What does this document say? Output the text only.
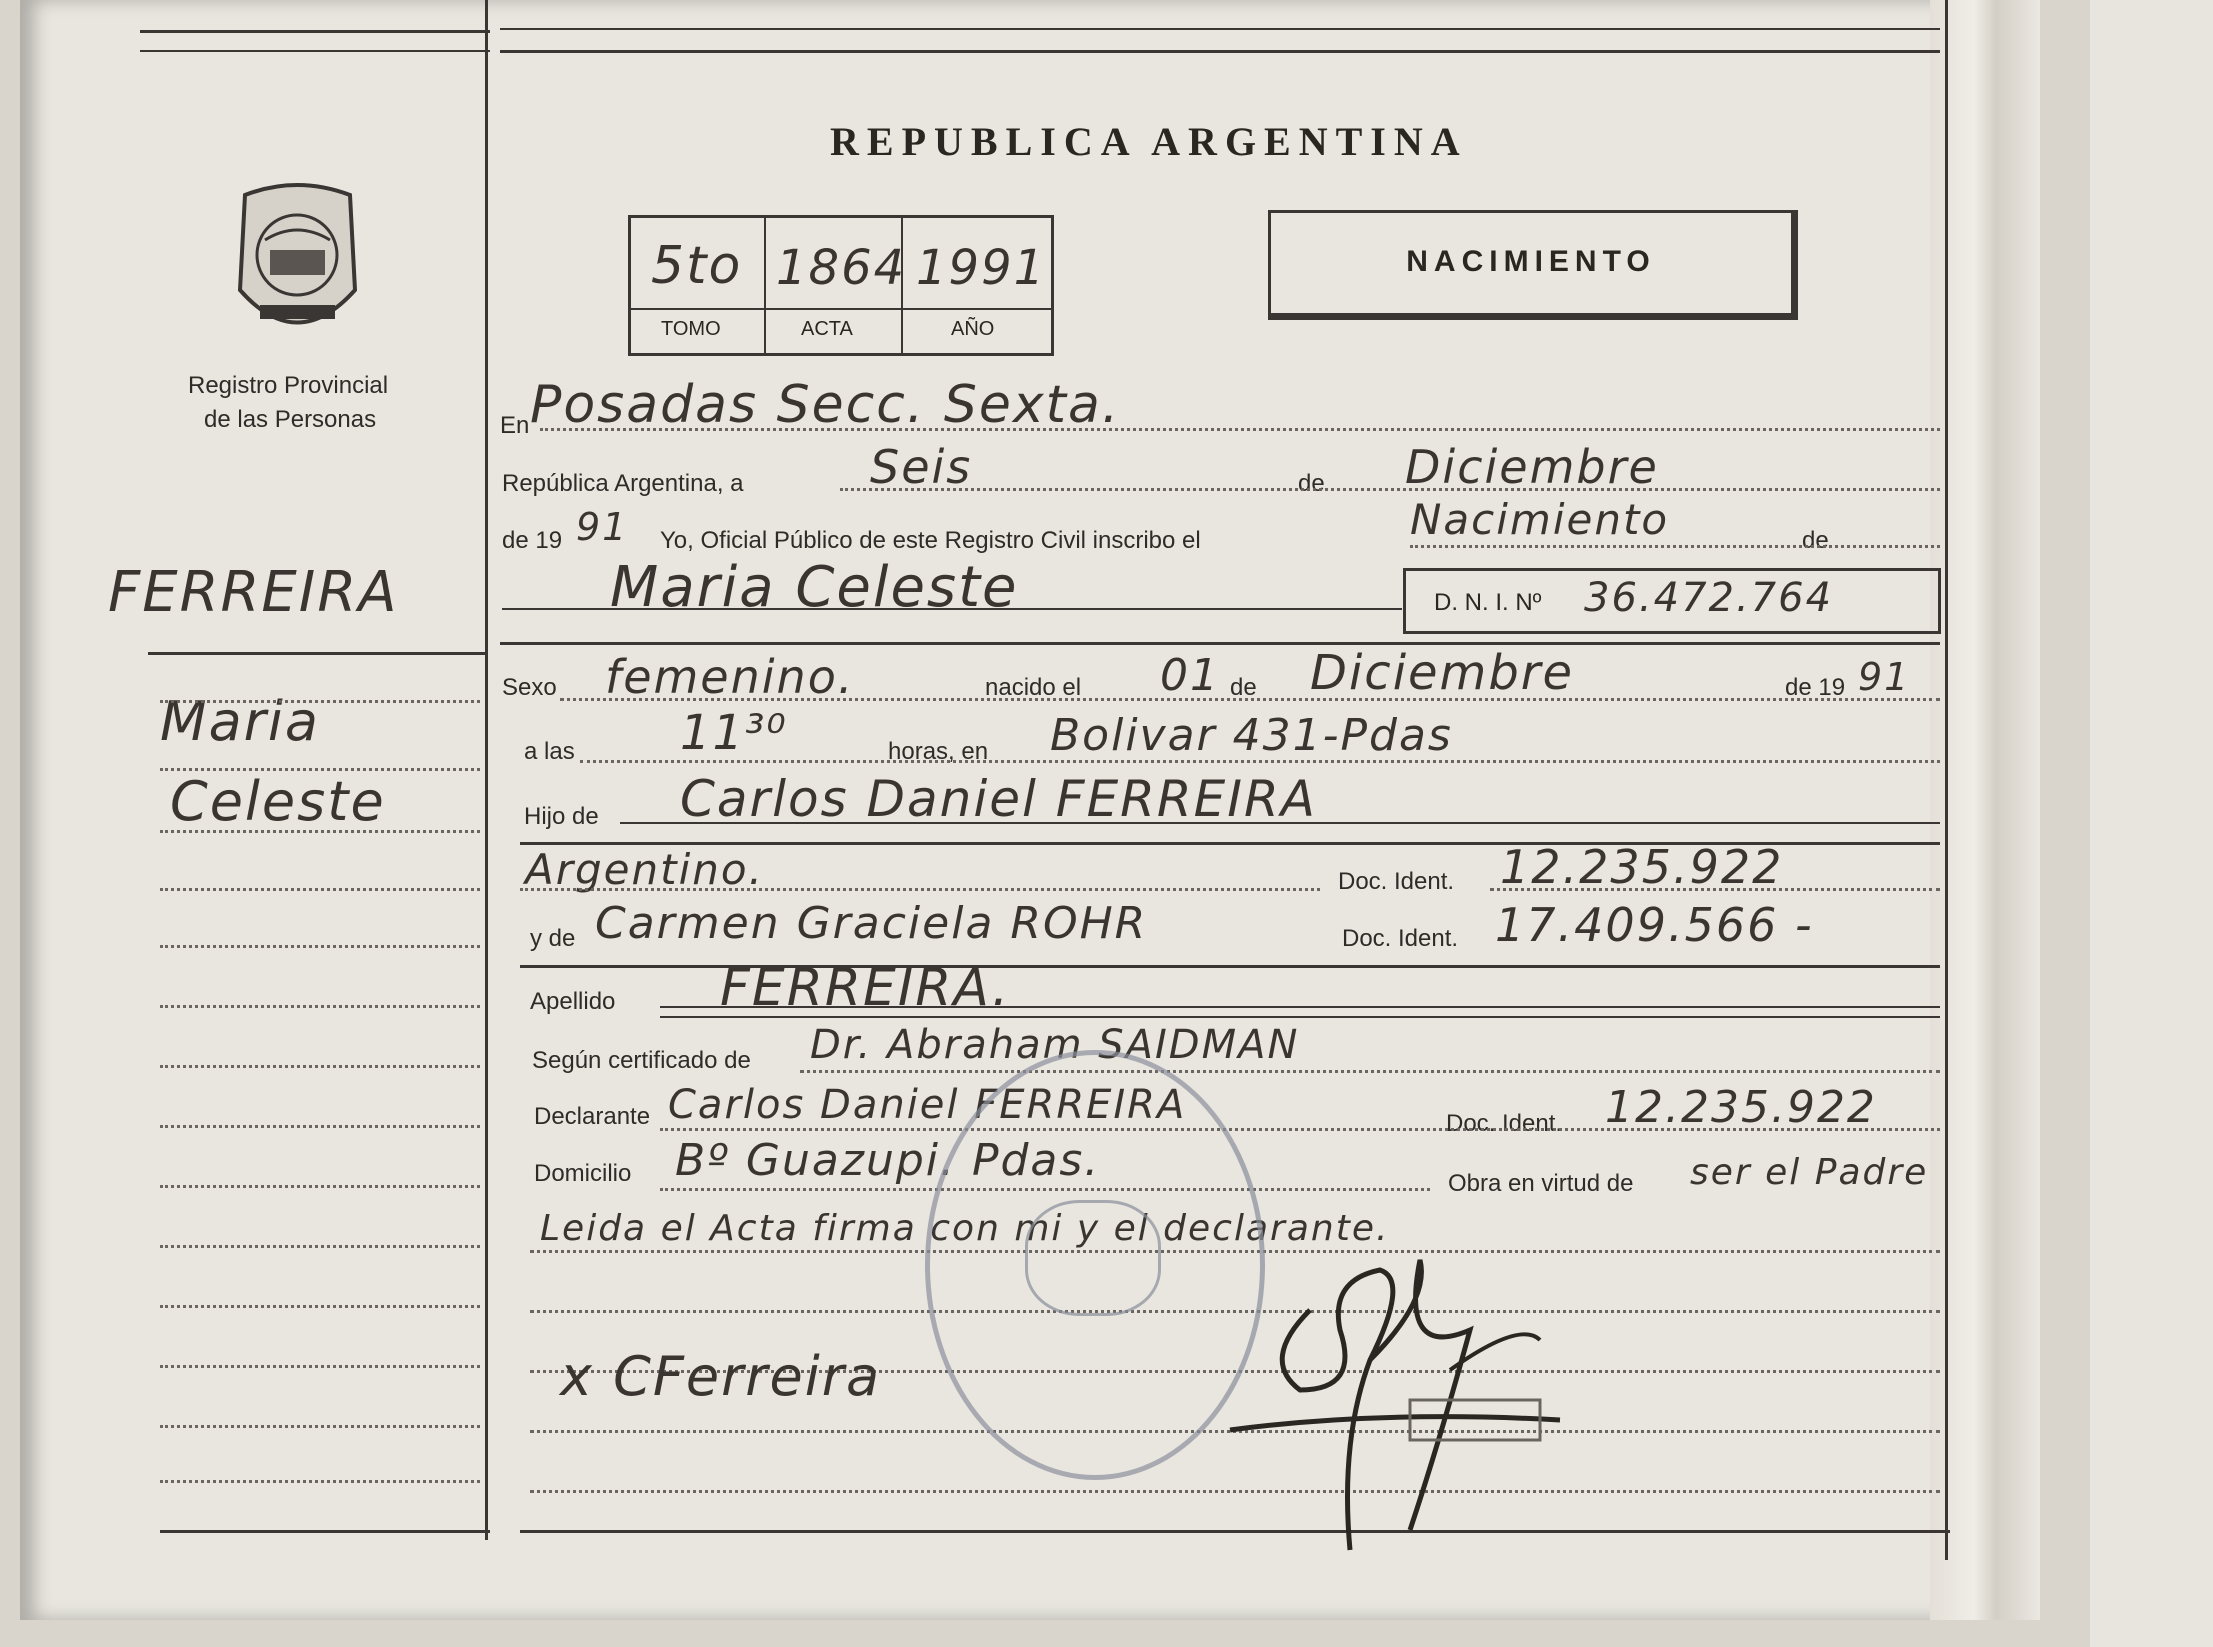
REPUBLICA ARGENTINA
Registro Provincial
de las Personas
5to 1864 1991
TOMO	ACTA	AÑO
NACIMIENTO
FERREIRA
Maria
Celeste
En Posadas Secc. Sexta.
República Argentina, a	Seis	de Diciembre
de 19 91 Yo, Oficial Público de este Registro Civil inscribo el	Nacimiento	de
Maria Celeste	D. N. I. Nº 36.472.764
Sexo femenino.	nacido el 01 de Diciembre	de 19 91
a las 11³⁰	horas, en Bolivar 431-Pdas
Hijo de Carlos Daniel FERREIRA
Argentino.	Doc. Ident. 12.235.922
y de Carmen Graciela ROHR	Doc. Ident. 17.409.566 -
Apellido FERREIRA.
Según certificado de Dr. Abraham SAIDMAN
Declarante Carlos Daniel FERREIRA	Doc. Ident. 12.235.922
Domicilio Bº Guazupi. Pdas.	Obra en virtud de ser el Padre
Leida el Acta firma con mi y el declarante.
x CFerreira
